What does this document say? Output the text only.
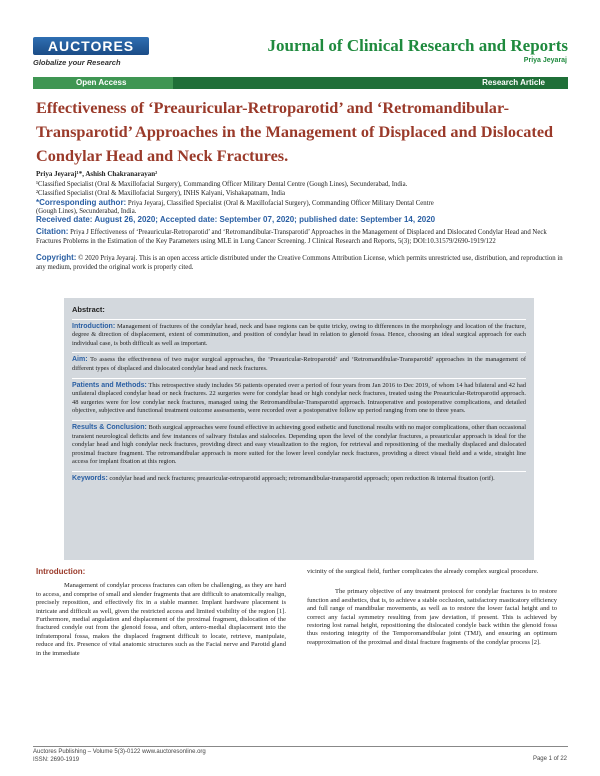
AUCTORES
Globalize your Research
Journal of Clinical Research and Reports
Priya Jeyaraj
Open Access	Research Article
Effectiveness of ‘Preauricular-Retroparotid’ and ‘Retromandibular-Transparotid’ Approaches in the Management of Displaced and Dislocated Condylar Head and Neck Fractures.
Priya Jeyaraj¹*, Ashish Chakranarayan²
¹Classified Specialist (Oral & Maxillofacial Surgery), Commanding Officer Military Dental Centre (Gough Lines), Secunderabad, India.
²Classified Specialist (Oral & Maxillofacial Surgery), INHS Kalyani, Vishakapatnam, India
*Corresponding author: Priya Jeyaraj, Classified Specialist (Oral & Maxillofacial Surgery), Commanding Officer Military Dental Centre
(Gough Lines), Secunderabad, India.
Received date: August 26, 2020; Accepted date: September 07, 2020; published date: September 14, 2020
Citation: Priya J Effectiveness of ‘Preauricular-Retroparotid’ and ‘Retromandibular-Transparotid’ Approaches in the Management of Displaced and Dislocated Condylar Head and Neck Fractures Problems in the Estimation of the Key Parameters using MLE in Lung Cancer Screening. J Clinical Research and Reports, 5(3); DOI:10.31579/2690-1919/122
Copyright: © 2020 Priya Jeyaraj. This is an open access article distributed under the Creative Commons Attribution License, which permits unrestricted use, distribution, and reproduction in any medium, provided the original work is properly cited.
Abstract:
Introduction: Management of fractures of the condylar head, neck and base regions can be quite tricky, owing to differences in the morphology and location of the fracture, degree & direction of displacement, extent of comminution, and position of condylar head in relation to glenoid fossa. Hence, choosing an ideal surgical approach for each individual case, is both difficult as well as important.
Aim: To assess the effectiveness of two major surgical approaches, the ‘Preauricular-Retroparotid’ and ‘Retromandibular-Transparotid’ approaches in the management of different types of displaced and dislocated condylar head and neck fractures.
Patients and Methods: This retrospective study includes 56 patients operated over a period of four years from Jan 2016 to Dec 2019, of whom 14 had bilateral and 42 had unilateral displaced condylar head or neck fractures. 22 surgeries were for condylar head or high condylar neck fractures, treated using the Preauricular-Retroparotid approach. 48 surgeries were for low condylar neck fractures, managed using the Retromandibular-Transparotid approach. Intraoperative and postoperative complications, and detailed objective, subjective and functional treatment outcome assessments, were recorded over a postoperative follow up period ranging from one to three years.
Results & Conclusion: Both surgical approaches were found effective in achieving good esthetic and functional results with no major complications, other than occasional transient neurological deficits and few instances of salivary fistulas and sialoceles. Depending upon the level of the condylar fractures, a preauricular approach is ideal for the condylar head and high condylar neck fractures, providing direct and easy visualization to the region, for retrieval and repositioning of the medially displaced and dislocated proximal fracture fragment. The retromandibular approach is more suited for the lower level condylar neck fractures, providing a direct visual field and a wide, straight line access for implant fixation at this region.
Keywords: condylar head and neck fractures; preauricular-retroparotid approach; retromandibular-transparotid approach; open reduction & internal fixation (orif).
Introduction:

Management of condylar process fractures can often be challenging, as they are hard to access, and comprise of small and slender fragments that are difficult to anatomically realign, precisely reposition, and effectively fix in a stable manner. Implant hardware placement is intricate and difficult as well, given the restricted access and limited visibility of the region [1]. Furthermore, medial angulation and displacement of the proximal fragment, dislocation of the fractured condyle out from the glenoid fossa, and often, antero-medial displacement into the infratemporal fossa, makes the displaced fragment difficult to locate, retrieve, manipulate, reduce and fix. Presence of vital anatomic structures such as the Facial nerve and Parotid gland in the immediate

vicinity of the surgical field, further complicates the already complex surgical procedure.

The primary objective of any treatment protocol for condylar fractures is to restore function and aesthetics, that is, to achieve a stable occlusion, satisfactory masticatory efficiency and full range of mandibular movements, as well as to restore the lower facial height and to correct any facial symmetry resulting from jaw deviation, if present. This is achieved by restoring lost ramal height, repositioning the dislocated condyle back within the glenoid fossa thus restoring integrity of the Temporomandibular joint (TMJ), and ensuring an optimum reapproximation of the proximal and distal fracture fragments of the condylar process [2].

Auctores Publishing – Volume 5(3)-0122 www.auctoresonline.org
ISSN: 2690-1919	Page 1 of 22
